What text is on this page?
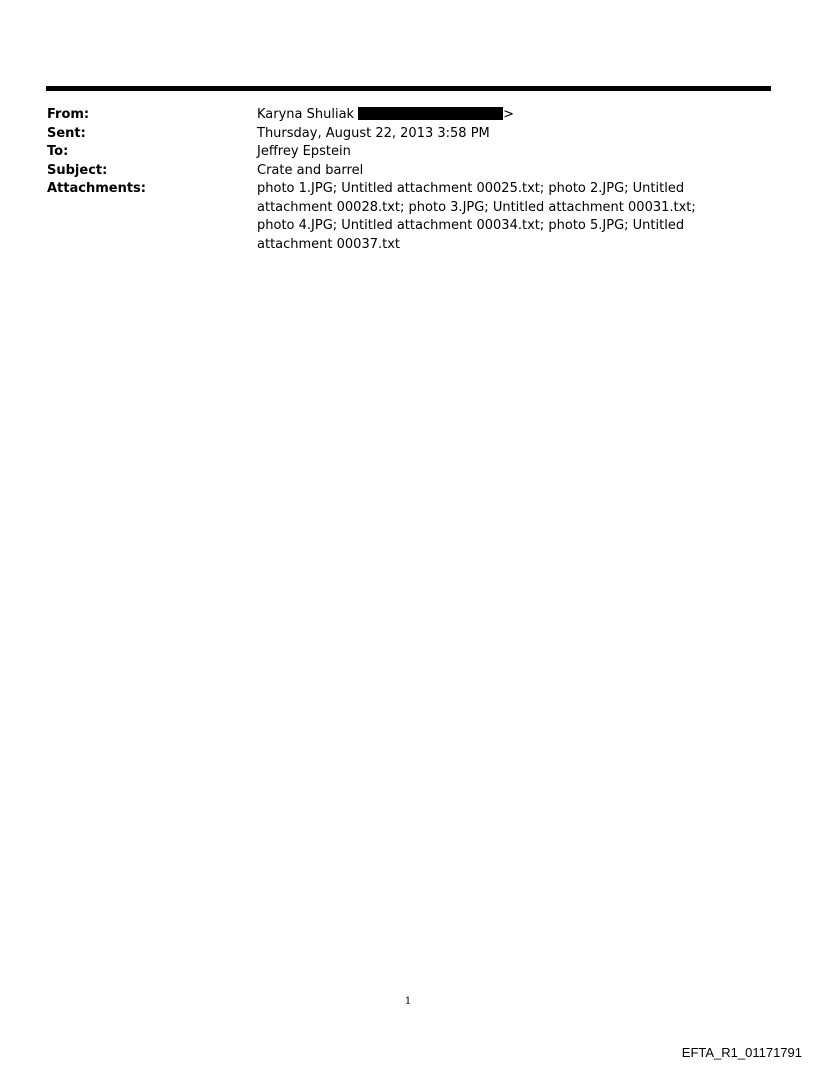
From:	Karyna Shuliak	>
Sent:	Thursday, August 22, 2013 3:58 PM
To:	Jeffrey Epstein
Subject:	Crate and barrel
Attachments:	photo 1.JPG; Untitled attachment 00025.txt; photo 2.JPG; Untitled attachment 00028.txt; photo 3.JPG; Untitled attachment 00031.txt; photo 4.JPG; Untitled attachment 00034.txt; photo 5.JPG; Untitled attachment 00037.txt
1
EFTA_R1_01171791
